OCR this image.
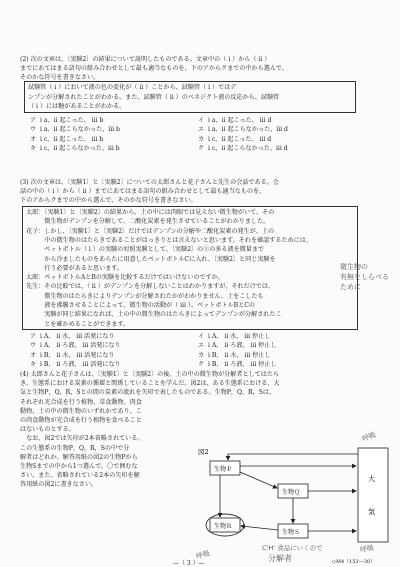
(2) 次の文章は、〔実験2〕の結果について説明したものである。文章中の（ ⅰ ）から（ ⅱ ）
までにあてはまる語句の組み合わせとして最も適当なものを、下のアからクまでの中から選んで、
そのかな符号を書きなさい。
試験管（ ⅰ ）において液の色の変化が（ ⅱ ）ことから、試験管（ ⅰ ）ではデ
ンプンが分解されたことがわかる。また、試験管（ ⅱ ）のベネジクト液の反応から、試験管
（ ⅰ ）には糖があることがわかる。
ア ⅰ a、ⅱ 起こった、 ⅲ b	イ ⅰ a、ⅱ 起こった、 ⅲ d
ウ ⅰ a、ⅱ 起こらなかった、ⅲ b	エ ⅰ a、ⅱ 起こらなかった、ⅲ d
オ ⅰ c、ⅱ 起こった、 ⅲ b	カ ⅰ c、ⅱ 起こった、 ⅲ d
キ ⅰ c、ⅱ 起こらなかった、ⅲ b	ク ⅰ c、ⅱ 起こらなかった、ⅲ d
(3) 次の文章は、〔実験1〕と〔実験2〕についての太郎さんと花子さんと先生の会話である。会
話の中の（ ⅰ ）から（ ⅱ ）までにあてはまる語句の組み合わせとして最も適当なものを、
下のアからクまでの中から選んで、そのかな符号を書きなさい。
太郎：〔実験1〕と〔実験2〕の結果から、土の中には肉眼では見えない微生物がいて、その
　　　微生物がデンプンを分解して、二酸化炭素を発生させていることがわかりました。
花子：しかし、〔実験1〕と〔実験2〕だけではデンプンの分解や二酸化炭素の発生が、土の
　　　中の微生物のはたらきであることがはっきりとは言えないと思います。それを確認するためには、
　　　ペットボトル（ ⅰ ）の実験の対照実験として、〔実験2〕の①の多る液を微量まで
　　　から冷ましたものをあらたに用意したペットボトルCに入れ、〔実験2〕と同じ実験を
　　　行う必要があると思います。
太郎：ペットボトルAとBの実験を比較するだけではいけないのですか。
先生：その比較では、（ ⅱ ）がデンプンを分解しないことはわかりますが、それだけでは、
　　　微生物のはたらきによりデンプンが分解されたかがわかりません。土をこしたも
　　　液を沸騰させることによって、微生物の活動が（ ⅲ ）。ペットボトルBとCの
　　　実験が同じ結果になれば、土の中の微生物のはたらきによってデンプンが分解されたこ
　　　とを確かめることができます。
ア ⅰ A、 ⅱ 水、 ⅲ 活発になり	イ ⅰ A、 ⅱ 水、 ⅲ 停止し
ウ ⅰ A、 ⅱ ろ液、 ⅲ 活発になり	エ ⅰ A、 ⅱ ろ液、 ⅲ 停止し
オ ⅰ B、 ⅱ 水、 ⅲ 活発になり	カ ⅰ B、 ⅱ 水、 ⅲ 停止し
キ ⅰ B、 ⅱ ろ液、 ⅲ 活発になり	ク ⅰ B、 ⅱ ろ液、 ⅲ 停止し
微生物の
有無をしらべる
ために
(4) 太郎さんと花子さんは、〔実験1〕と〔実験2〕の後、土の中の微生物が分解者としてはたら
き、生態系における炭素の循環と関係していることを学んだ。図2は、ある生態系における、大
気と生物P，Q，R，Sとの間の炭素の流れを矢印で表したものである。生物P，Q，R，Sは、
それぞれ光合成を行う植物、草食動物、肉食
動物、土の中の微生物のいずれかであり、こ
の肉食動物が光合成を行う植物を食べること
はないものとする。
　なお、図2では矢印が2本省略されている。
この生態系の生物P，Q，R，Sの中で分
解者はどれか。解答用紙の図2の生物Pから
生物Sまでの中から1つ選んで、〇で囲むな
さい。また、省略されている2本の矢印を解
答用紙の図2に書きなさい。
図2
生物Ｐ
生物Ｑ
生物Ｓ
生物Ｒ
大
気
呼吸
呼吸
C'H' 食品にいくので
分解者
呼吸
—（ 3 ）—	◇M4（153—30）
